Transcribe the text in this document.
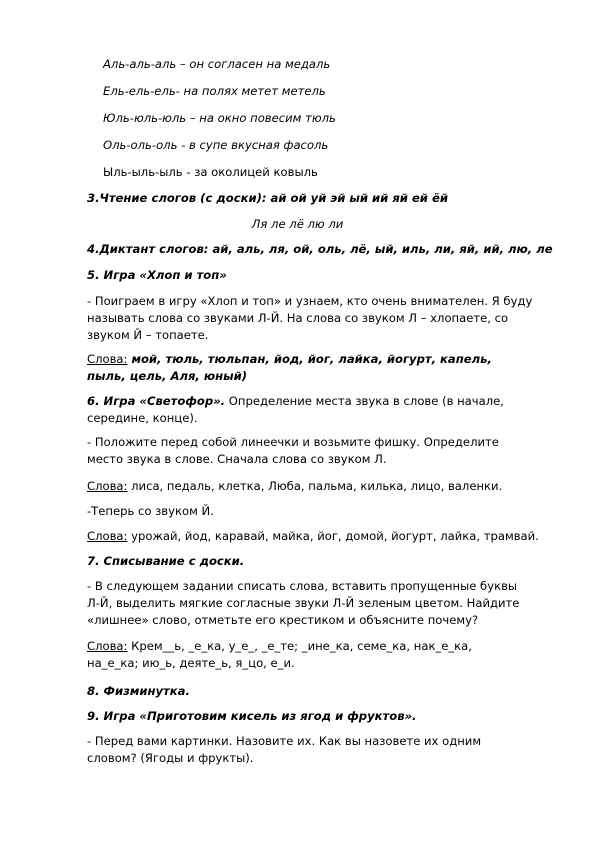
Аль-аль-аль – он согласен на медаль
Ель-ель-ель- на полях метет метель
Юль-юль-юль – на окно повесим тюль
Оль-оль-оль - в супе вкусная фасоль
Ыль-ыль-ыль - за околицей ковыль
3.Чтение слогов (с доски): ай ой уй эй ый ий яй ей ёй
Ля ле лё лю ли
4.Диктант слогов: ай, аль, ля, ой, оль, лё, ый, иль, ли, яй, ий, лю, ле
5. Игра «Хлоп и топ»
- Поиграем в игру «Хлоп и топ» и узнаем, кто очень внимателен. Я буду называть слова со звуками Л-Й. На слова со звуком Л – хлопаете, со звуком Й – топаете.
Слова: мой, тюль, тюльпан, йод, йог, лайка, йогурт, капель, пыль, цель, Аля, юный)
6. Игра «Светофор». Определение места звука в слове (в начале, середине, конце).
- Положите перед собой линеечки и возьмите фишку. Определите место звука в слове. Сначала слова со звуком Л.
Слова: лиса, педаль, клетка, Люба, пальма, килька, лицо, валенки.
-Теперь со звуком Й.
Слова: урожай, йод, каравай, майка, йог, домой, йогурт, лайка, трамвай.
7. Списывание с доски.
- В следующем задании списать слова, вставить пропущенные буквы Л-Й, выделить мягкие согласные звуки Л-Й зеленым цветом. Найдите «лишнее» слово, отметьте его крестиком и объясните почему?
Слова: Крем__ь, _е_ка, у_е_, _е_те; _ине_ка, семе_ка, нак_е_ка,
на_е_ка; ию_ь, деяте_ь, я_цо, е_и.
8. Физминутка.
9. Игра «Приготовим кисель из ягод и фруктов».
- Перед вами картинки. Назовите их. Как вы назовете их одним словом? (Ягоды и фрукты).
